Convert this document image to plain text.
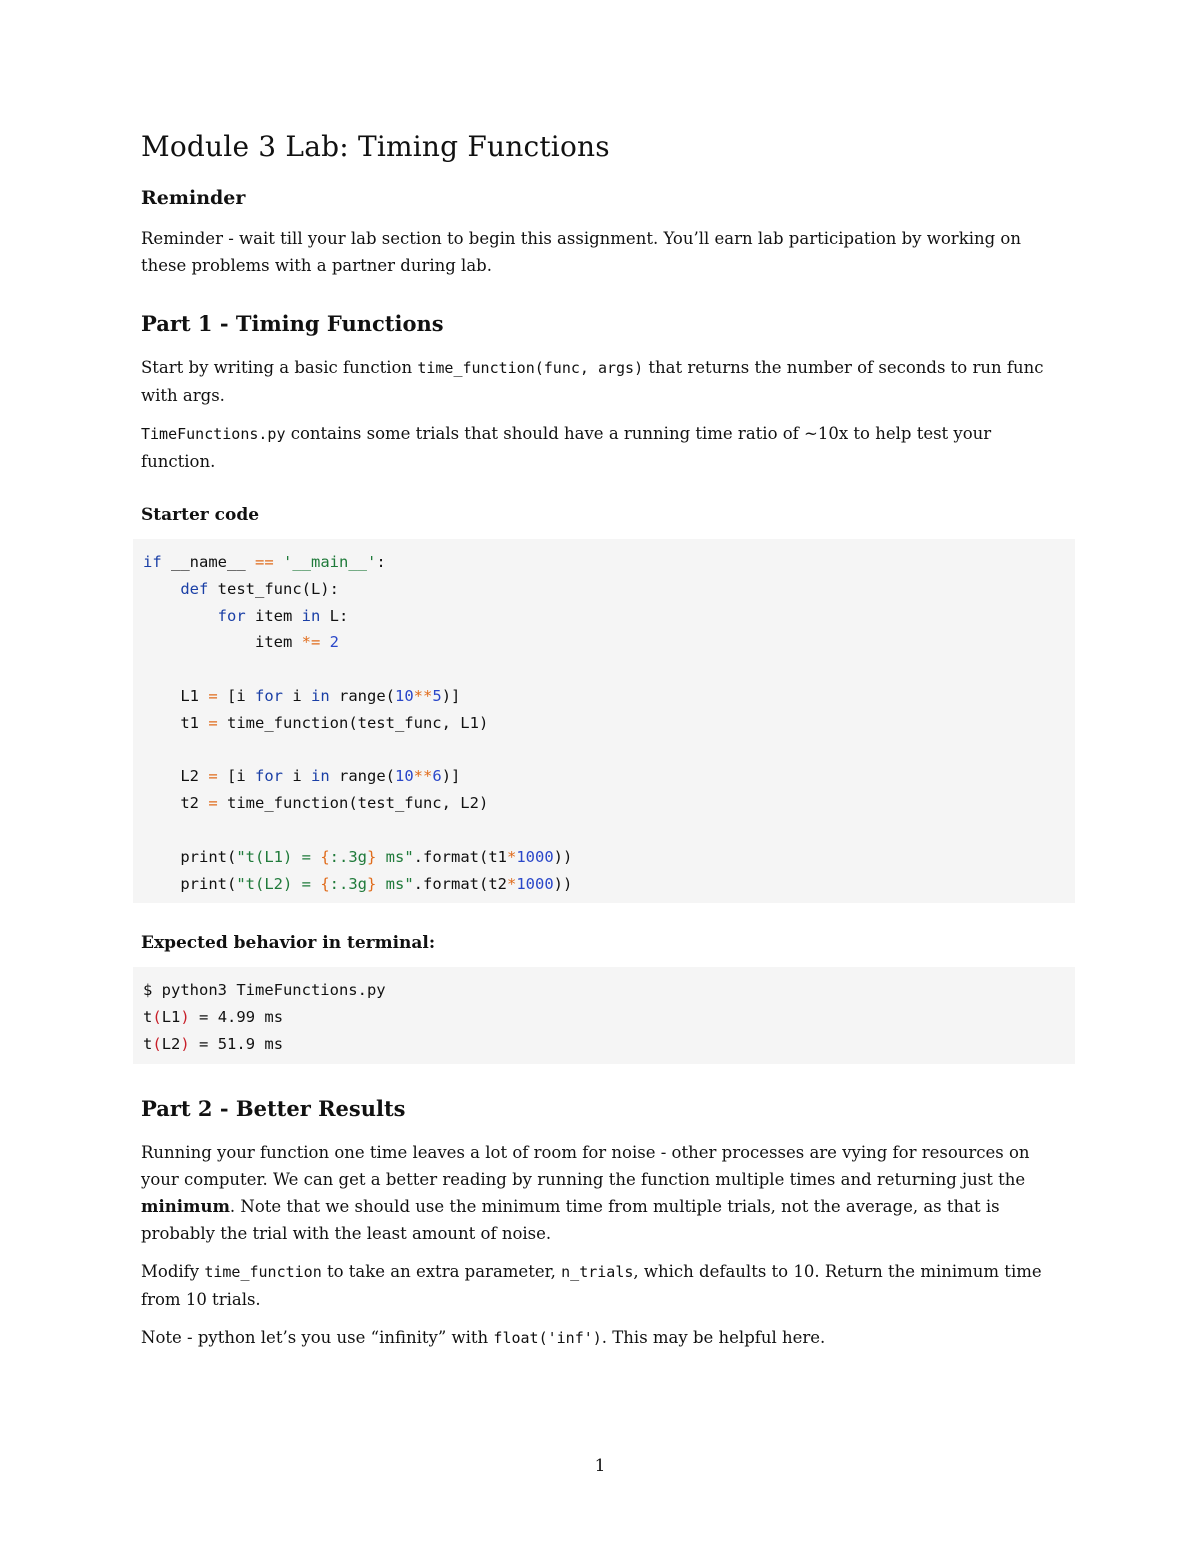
Module 3 Lab: Timing Functions
Reminder

Reminder - wait till your lab section to begin this assignment. You’ll earn lab participation by working on these problems with a partner during lab.

Part 1 - Timing Functions

Start by writing a basic function time_function(func, args) that returns the number of seconds to run func with args.

TimeFunctions.py contains some trials that should have a running time ratio of ~10x to help test your function.

Starter code
if __name__ == '__main__':
def test_func(L):
for item in L:
item *= 2

L1 = [i for i in range(10**5)]
t1 = time_function(test_func, L1)

L2 = [i for i in range(10**6)]
t2 = time_function(test_func, L2)

print("t(L1) = {:.3g} ms".format(t1*1000))
print("t(L2) = {:.3g} ms".format(t2*1000))
Expected behavior in terminal:
$ python3 TimeFunctions.py
t(L1) = 4.99 ms
t(L2) = 51.9 ms
Part 2 - Better Results

Running your function one time leaves a lot of room for noise - other processes are vying for resources on your computer. We can get a better reading by running the function multiple times and returning just the minimum. Note that we should use the minimum time from multiple trials, not the average, as that is probably the trial with the least amount of noise.

Modify time_function to take an extra parameter, n_trials, which defaults to 10. Return the minimum time from 10 trials.

Note - python let’s you use “infinity” with float('inf'). This may be helpful here.

1
